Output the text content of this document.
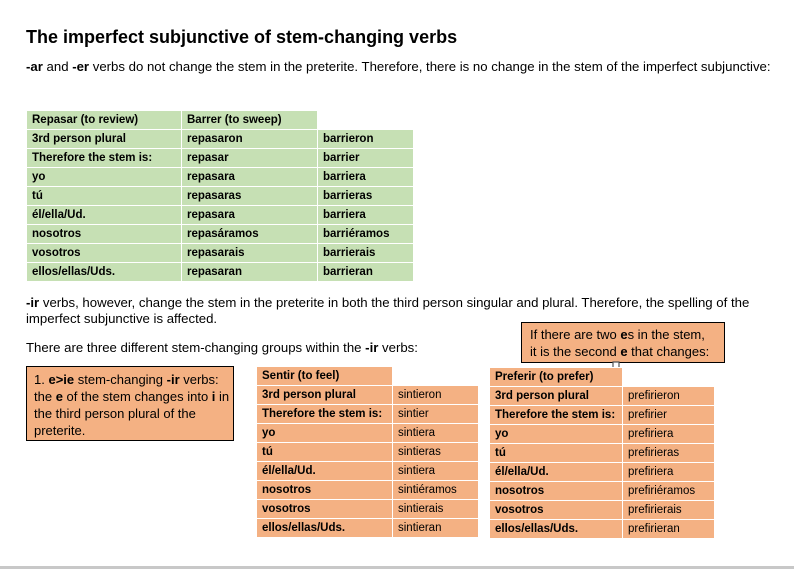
The imperfect subjunctive of stem-changing verbs
-ar and -er verbs do not change the stem in the preterite. Therefore, there is no change in the stem of the imperfect subjunctive:
Repasar (to review)	Barrer (to sweep)	
3rd person plural	repasaron	barrieron
Therefore the stem is:	repasar	barrier
yo	repasara	barriera
tú	repasaras	barrieras
él/ella/Ud.	repasara	barriera
nosotros	repasáramos	barriéramos
vosotros	repasarais	barrierais
ellos/ellas/Uds.	repasaran	barrieran
-ir verbs, however, change the stem in the preterite in both the third person singular and plural. Therefore, the spelling of the imperfect subjunctive is affected.
There are three different stem-changing groups within the -ir verbs:
1. e>ie stem-changing -ir verbs: the e of the stem changes into i in the third person plural of the preterite.
If there are two es in the stem,
it is the second e that changes:
Sentir (to feel)	
3rd person plural	sintieron
Therefore the stem is:	sintier
yo	sintiera
tú	sintieras
él/ella/Ud.	sintiera
nosotros	sintiéramos
vosotros	sintierais
ellos/ellas/Uds.	sintieran
Preferir (to prefer)	
3rd person plural	prefirieron
Therefore the stem is:	prefirier
yo	prefiriera
tú	prefirieras
él/ella/Ud.	prefiriera
nosotros	prefiriéramos
vosotros	prefirierais
ellos/ellas/Uds.	prefirieran
